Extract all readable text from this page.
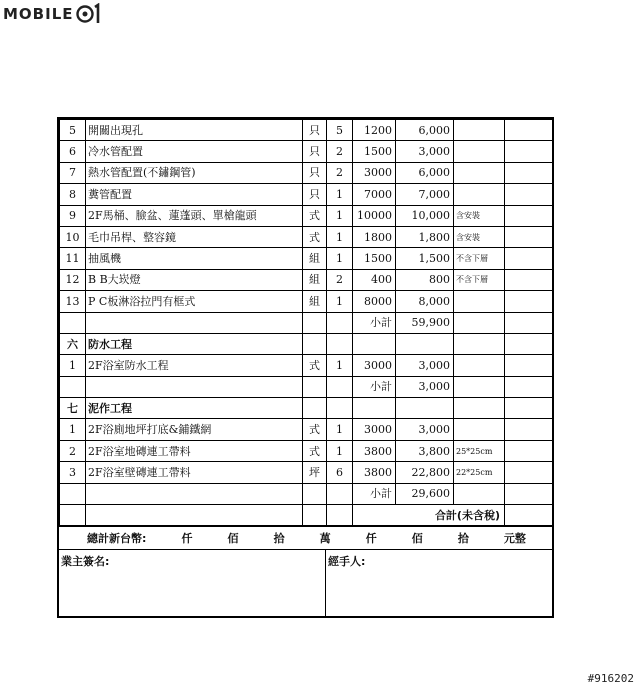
MOBILE
5	開關出現孔	只	5	1200	6,000		
6	冷水管配置	只	2	1500	3,000		
7	熱水管配置(不鏽鋼管)	只	2	3000	6,000		
8	糞管配置	只	1	7000	7,000		
9	2F馬桶、臉盆、蓮蓬頭、單槍龍頭	式	1	10000	10,000	含安裝	
10	毛巾吊桿、整容鏡	式	1	1800	1,800	含安裝	
11	抽風機	組	1	1500	1,500	不含下層	
12	B B大崁燈	組	2	400	800	不含下層	
13	P C板淋浴拉門有框式	組	1	8000	8,000		
				小計	59,900		
六	防水工程						
1	2F浴室防水工程	式	1	3000	3,000		
				小計	3,000		
七	泥作工程						
1	2F浴廁地坪打底&鋪鐵網	式	1	3000	3,000		
2	2F浴室地磚連工帶料	式	1	3800	3,800	25*25cm	
3	2F浴室壁磚連工帶料	坪	6	3800	22,800	22*25cm	
				小計	29,600		
				合計(未含稅)			
總計新台幣:	仟	佰	拾	萬	仟	佰	拾	元整
業主簽名:	經手人:
#916202
